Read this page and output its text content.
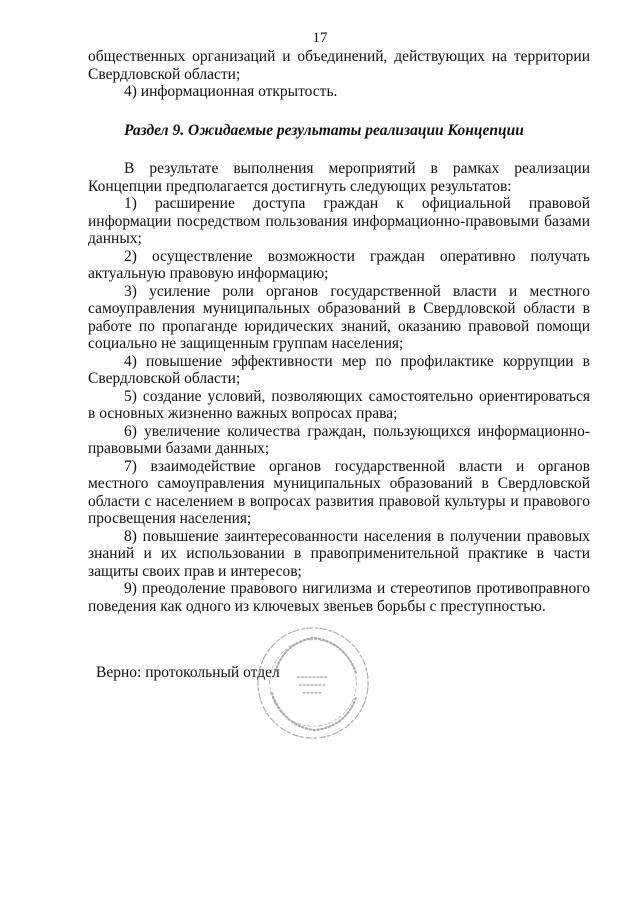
17

общественных организаций и объединений, действующих на территории Свердловской области;

4) информационная открытость.

Раздел 9. Ожидаемые результаты реализации Концепции

В результате выполнения мероприятий в рамках реализации Концепции предполагается достигнуть следующих результатов:

1) расширение доступа граждан к официальной правовой информации посредством пользования информационно-правовыми базами данных;

2) осуществление возможности граждан оперативно получать актуальную правовую информацию;

3) усиление роли органов государственной власти и местного самоуправления муниципальных образований в Свердловской области в работе по пропаганде юридических знаний, оказанию правовой помощи социально не защищенным группам населения;

4) повышение эффективности мер по профилактике коррупции в Свердловской области;

5) создание условий, позволяющих самостоятельно ориентироваться в основных жизненно важных вопросах права;

6) увеличение количества граждан, пользующихся информационно-правовыми базами данных;

7) взаимодействие органов государственной власти и органов местного самоуправления муниципальных образований в Свердловской области с населением в вопросах развития правовой культуры и правового просвещения населения;

8) повышение заинтересованности населения в получении правовых знаний и их использовании в правоприменительной практике в части защиты своих прав и интересов;

9) преодоление правового нигилизма и стереотипов противоправного поведения как одного из ключевых звеньев борьбы с преступностью.

Верно: протокольный отдел
